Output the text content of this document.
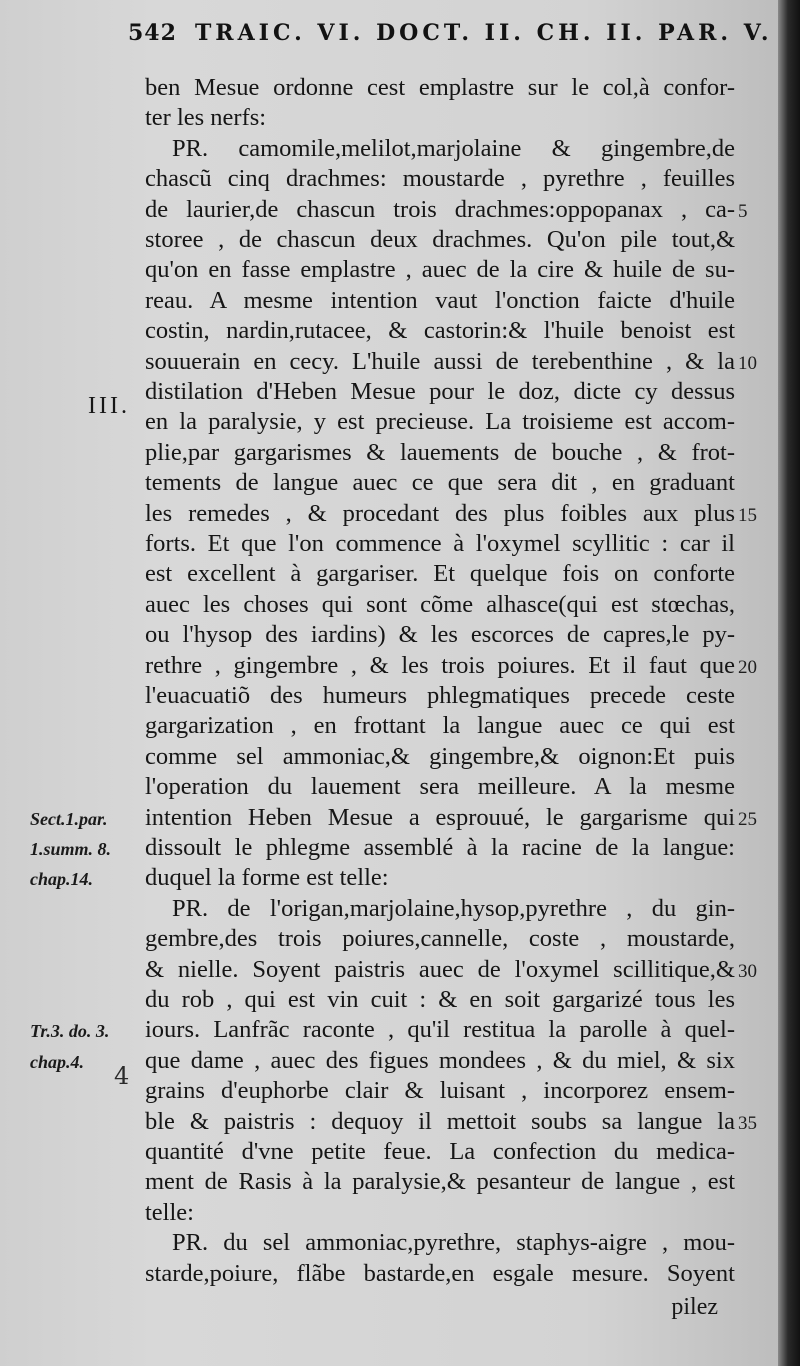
542 TRAIC. VI. DOCT. II. CH. II. PAR. V.
ben Mesue ordonne cest emplastre sur le col,à confor-
ter les nerfs:
PR. camomile,melilot,marjolaine & gingembre,de
chascũ cinq drachmes: moustarde , pyrethre , feuilles
de laurier,de chascun trois drachmes:oppopanax , ca-
storee , de chascun deux drachmes. Qu'on pile tout,&
qu'on en fasse emplastre , auec de la cire & huile de su-
reau. A mesme intention vaut l'onction faicte d'huile
costin, nardin,rutacee, & castorin:& l'huile benoist est
souuerain en cecy. L'huile aussi de terebenthine , & la
distilation d'Heben Mesue pour le doz, dicte cy dessus
en la paralysie, y est precieuse. La troisieme est accom-
plie,par gargarismes & lauements de bouche , & frot-
tements de langue auec ce que sera dit , en graduant
les remedes , & procedant des plus foibles aux plus
forts. Et que l'on commence à l'oxymel scyllitic : car il
est excellent à gargariser. Et quelque fois on conforte
auec les choses qui sont cõme alhasce(qui est stœchas,
ou l'hysop des iardins) & les escorces de capres,le py-
rethre , gingembre , & les trois poiures. Et il faut que
l'euacuatiõ des humeurs phlegmatiques precede ceste
gargarization , en frottant la langue auec ce qui est
comme sel ammoniac,& gingembre,& oignon:Et puis
l'operation du lauement sera meilleure. A la mesme
intention Heben Mesue a esprouué, le gargarisme qui
dissoult le phlegme assemblé à la racine de la langue:
duquel la forme est telle:
PR. de l'origan,marjolaine,hysop,pyrethre , du gin-
gembre,des trois poiures,cannelle, coste , moustarde,
& nielle. Soyent paistris auec de l'oxymel scillitique,&
du rob , qui est vin cuit : & en soit gargarizé tous les
iours. Lanfrãc raconte , qu'il restitua la parolle à quel-
que dame , auec des figues mondees , & du miel, & six
grains d'euphorbe clair & luisant , incorporez ensem-
ble & paistris : dequoy il mettoit soubs sa langue la
quantité d'vne petite feue. La confection du medica-
ment de Rasis à la paralysie,& pesanteur de langue , est
telle:
PR. du sel ammoniac,pyrethre, staphys-aigre , mou-
starde,poiure, flãbe bastarde,en esgale mesure. Soyent
III.
5
10
15
20
25
30
35
Sect.1.par.
1.summ. 8.
chap.14.
Tr.3. do. 3.
chap.4.
4
pilez
